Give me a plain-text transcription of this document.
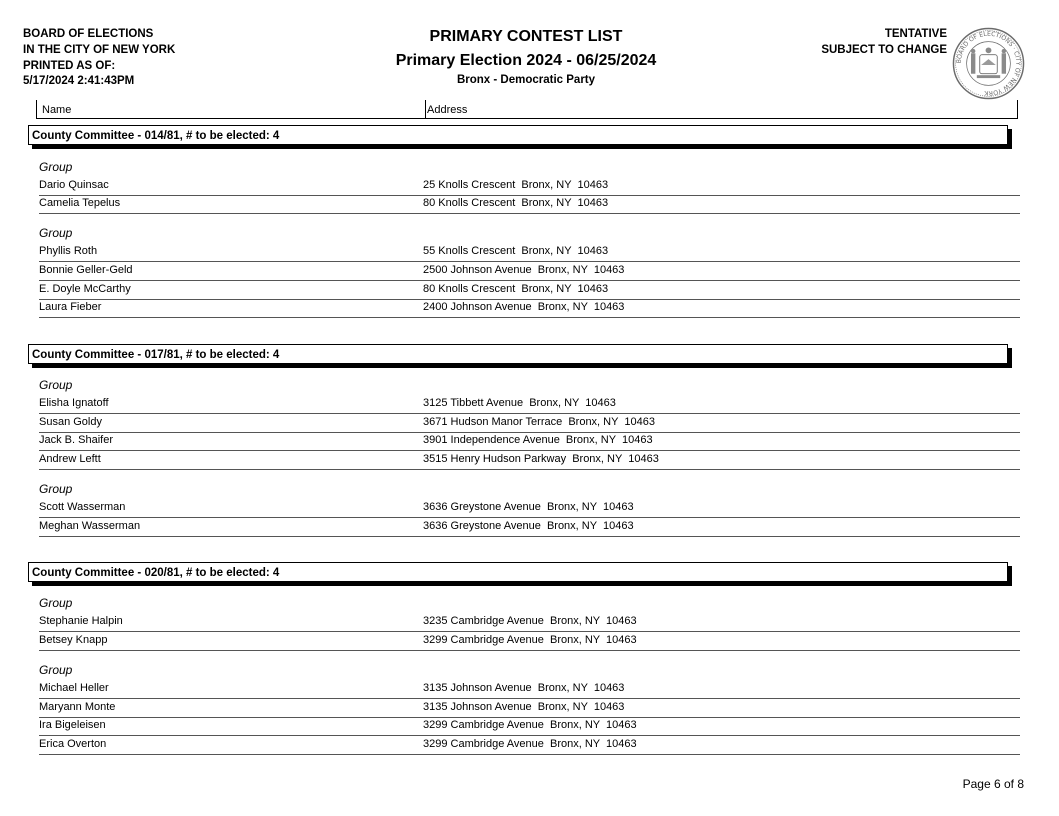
BOARD OF ELECTIONS
IN THE CITY OF NEW YORK
PRINTED AS OF:
5/17/2024 2:41:43PM
PRIMARY CONTEST LIST
Primary Election 2024 - 06/25/2024
Bronx - Democratic Party
TENTATIVE
SUBJECT TO CHANGE
BOARD OF ELECTIONS · CITY OF NEW YORK
Name	Address
County Committee - 014/81, # to be elected: 4
Group
Dario Quinsac	25 Knolls Crescent  Bronx, NY  10463
Camelia Tepelus	80 Knolls Crescent  Bronx, NY  10463
Group
Phyllis Roth	55 Knolls Crescent  Bronx, NY  10463
Bonnie Geller-Geld	2500 Johnson Avenue  Bronx, NY  10463
E. Doyle McCarthy	80 Knolls Crescent  Bronx, NY  10463
Laura Fieber	2400 Johnson Avenue  Bronx, NY  10463
County Committee - 017/81, # to be elected: 4
Group
Elisha Ignatoff	3125 Tibbett Avenue  Bronx, NY  10463
Susan Goldy	3671 Hudson Manor Terrace  Bronx, NY  10463
Jack B. Shaifer	3901 Independence Avenue  Bronx, NY  10463
Andrew Leftt	3515 Henry Hudson Parkway  Bronx, NY  10463
Group
Scott Wasserman	3636 Greystone Avenue  Bronx, NY  10463
Meghan Wasserman	3636 Greystone Avenue  Bronx, NY  10463
County Committee - 020/81, # to be elected: 4
Group
Stephanie Halpin	3235 Cambridge Avenue  Bronx, NY  10463
Betsey Knapp	3299 Cambridge Avenue  Bronx, NY  10463
Group
Michael Heller	3135 Johnson Avenue  Bronx, NY  10463
Maryann Monte	3135 Johnson Avenue  Bronx, NY  10463
Ira Bigeleisen	3299 Cambridge Avenue  Bronx, NY  10463
Erica Overton	3299 Cambridge Avenue  Bronx, NY  10463
Page 6 of 8
